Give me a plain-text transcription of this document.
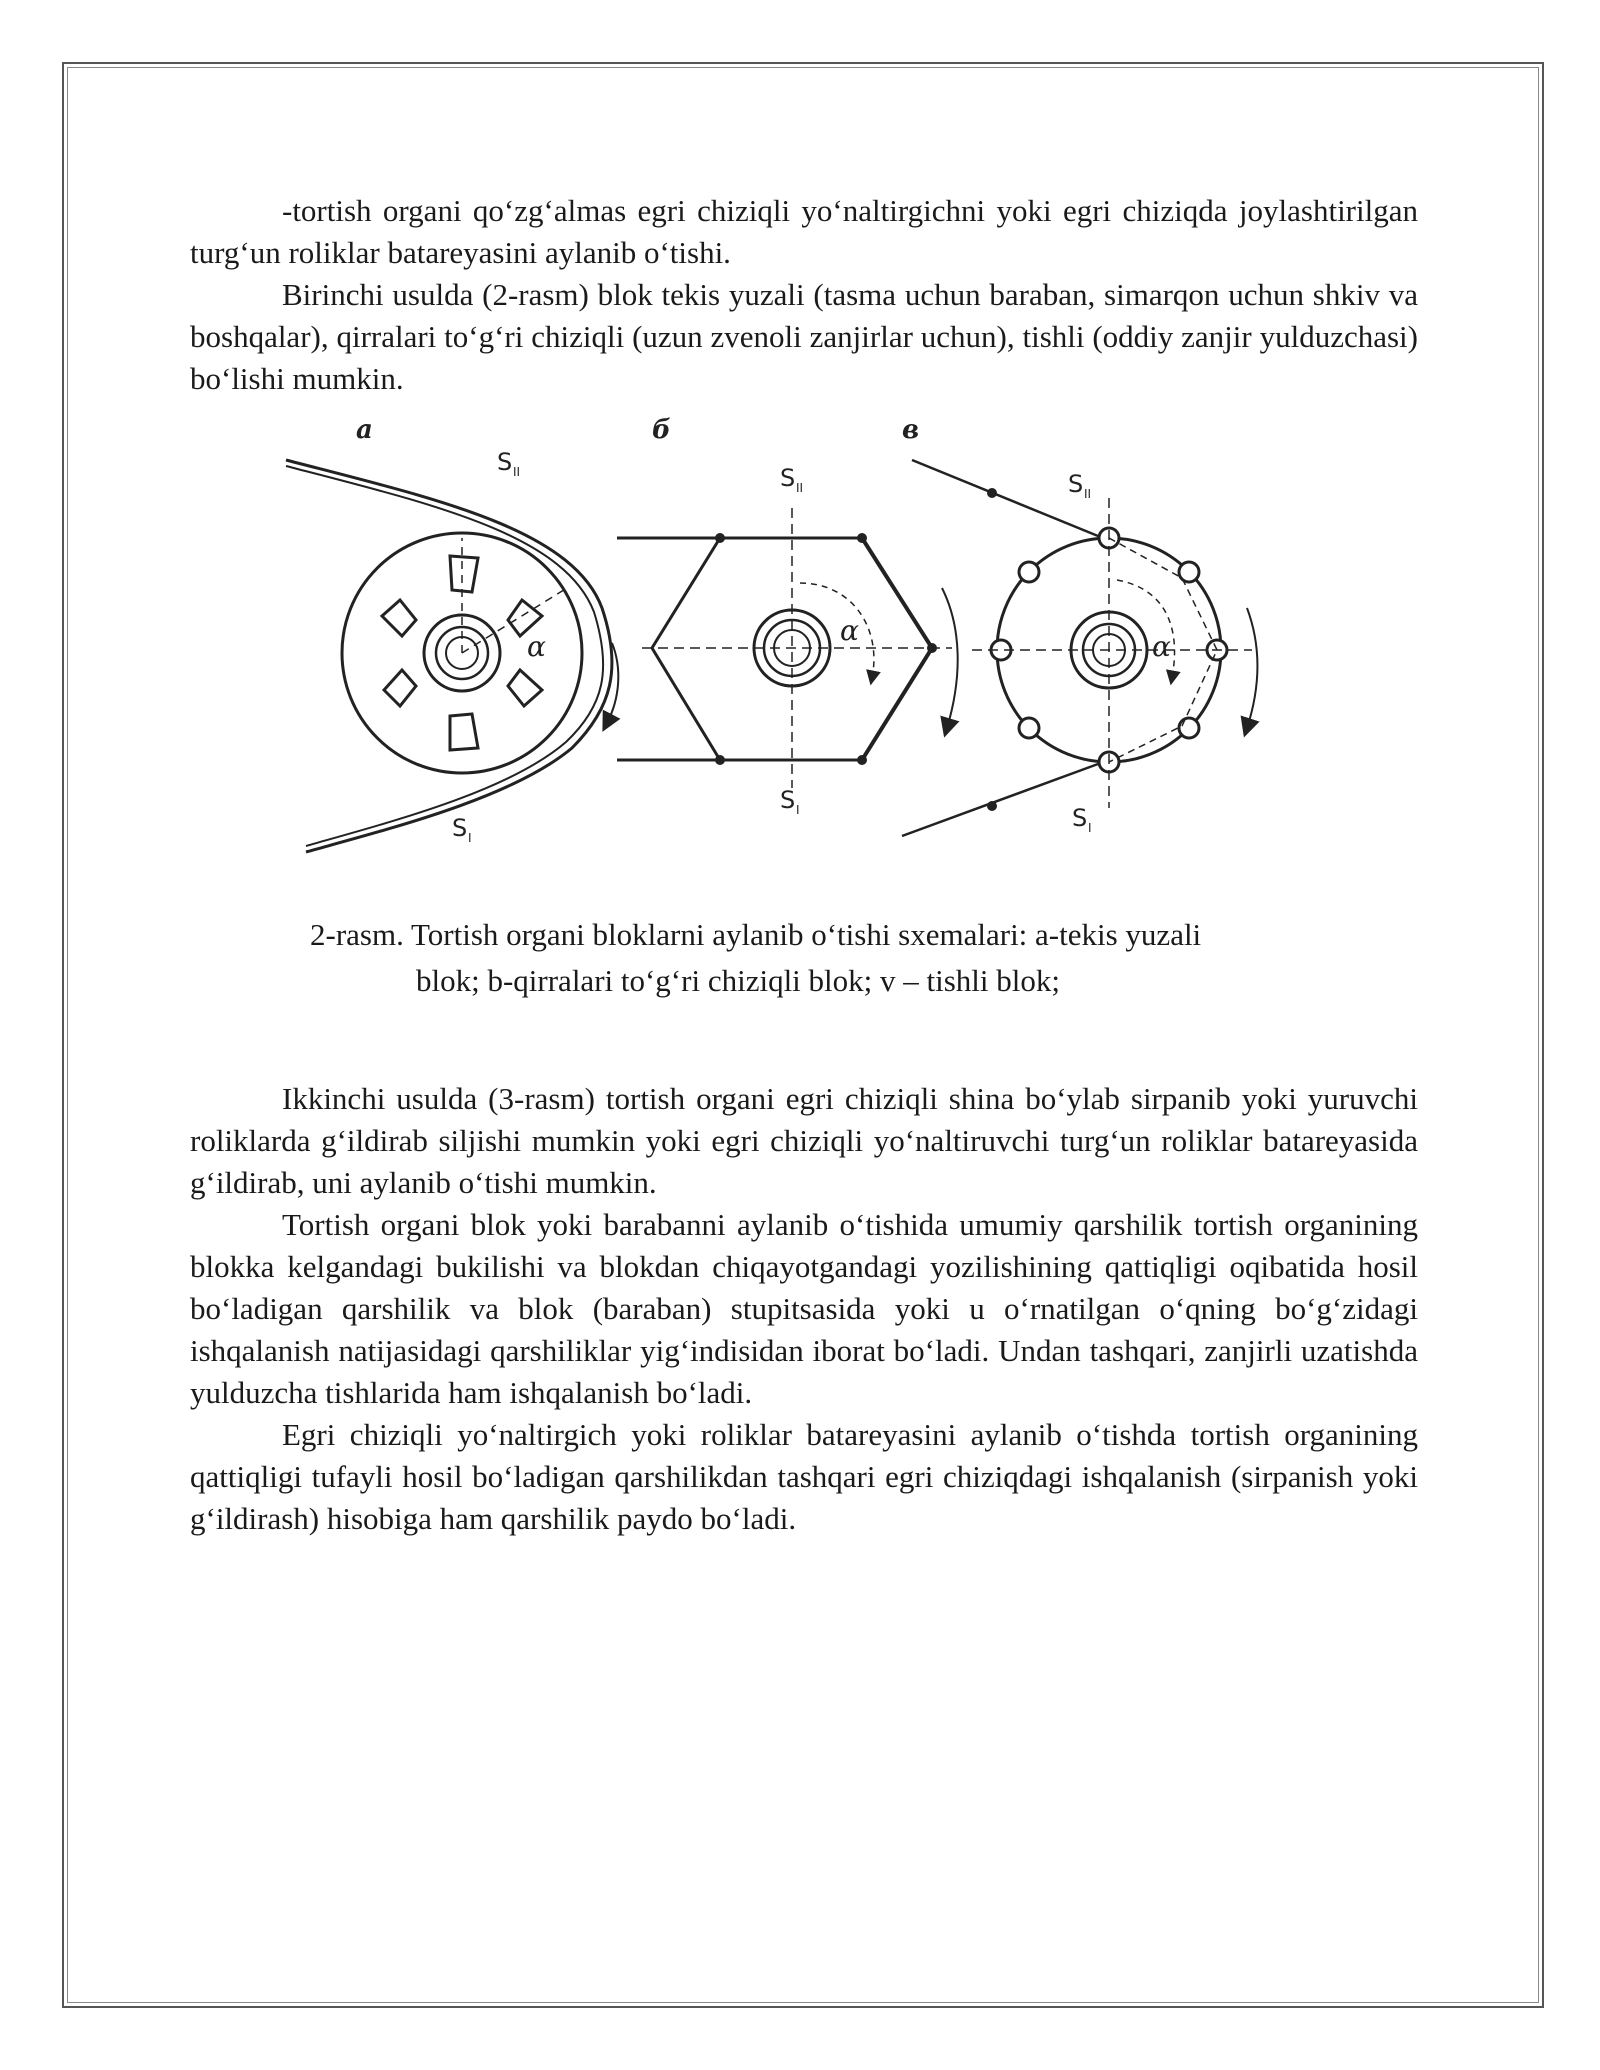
-tortish organi qo‘zg‘almas egri chiziqli yo‘naltirgichni yoki egri chiziqda joylashtirilgan turg‘un roliklar batareyasini aylanib o‘tishi.

Birinchi usulda (2-rasm) blok tekis yuzali (tasma uchun baraban, simarqon uchun shkiv va boshqalar), qirralari to‘g‘ri chiziqli (uzun zvenoli zanjirlar uchun), tishli (oddiy zanjir yulduzchasi) bo‘lishi mumkin.

а
α
S II
S I
б
α
S II
S I
в
α
S II
S I

2-rasm. Tortish organi bloklarni aylanib o‘tishi sxemalari: a-tekis yuzali

blok; b-qirralari to‘g‘ri chiziqli blok; v – tishli blok;

Ikkinchi usulda (3-rasm) tortish organi egri chiziqli shina bo‘ylab sirpanib yoki yuruvchi roliklarda g‘ildirab siljishi mumkin yoki egri chiziqli yo‘naltiruvchi turg‘un roliklar batareyasida g‘ildirab, uni aylanib o‘tishi mumkin.

Tortish organi blok yoki barabanni aylanib o‘tishida umumiy qarshilik tortish organining blokka kelgandagi bukilishi va blokdan chiqayotgandagi yozilishining qattiqligi oqibatida hosil bo‘ladigan qarshilik va blok (baraban) stupitsasida yoki u o‘rnatilgan o‘qning bo‘g‘zidagi ishqalanish natijasidagi qarshiliklar yig‘indisidan iborat bo‘ladi. Undan tashqari, zanjirli uzatishda yulduzcha tishlarida ham ishqalanish bo‘ladi.

Egri chiziqli yo‘naltirgich yoki roliklar batareyasini aylanib o‘tishda tortish organining qattiqligi tufayli hosil bo‘ladigan qarshilikdan tashqari egri chiziqdagi ishqalanish (sirpanish yoki g‘ildirash) hisobiga ham qarshilik paydo bo‘ladi.
